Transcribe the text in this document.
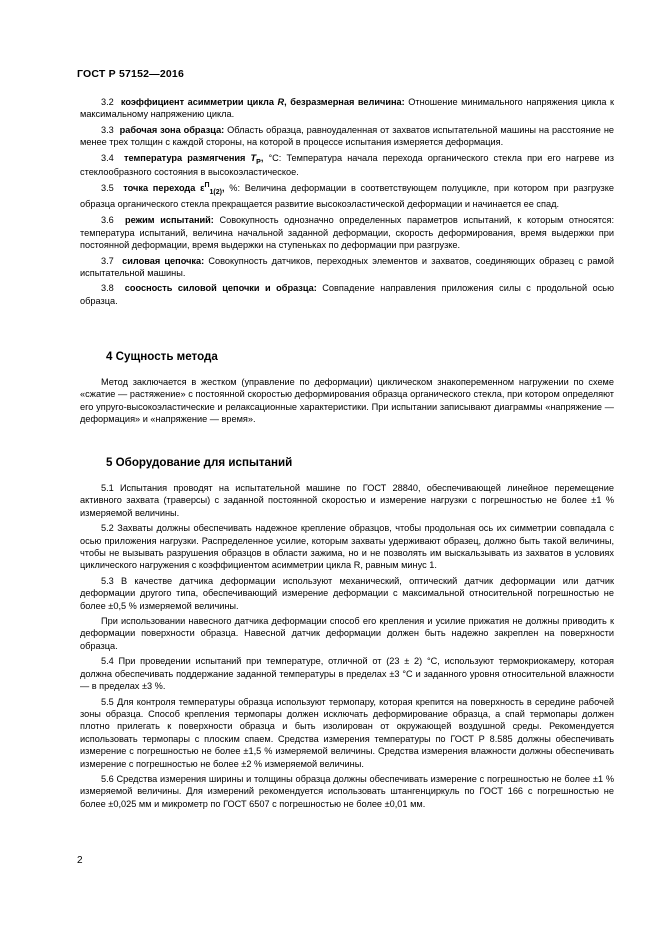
ГОСТ Р 57152—2016

3.2 коэффициент асимметрии цикла R, безразмерная величина: Отношение минимального напряжения цикла к максимальному напряжению цикла.

3.3 рабочая зона образца: Область образца, равноудаленная от захватов испытательной машины на расстояние не менее трех толщин с каждой стороны, на которой в процессе испытания измеряется деформация.

3.4 температура размягчения $T_P$, °С: Температура начала перехода органического стекла при его нагреве из стеклообразного состояния в высокоэластическое.

3.5 точка перехода $\varepsilon^П_{1(2)}$, %: Величина деформации в соответствующем полуцикле, при котором при разгрузке образца органического стекла прекращается развитие высокоэластической деформации и начинается ее спад.

3.6 режим испытаний: Совокупность однозначно определенных параметров испытаний, к которым относятся: температура испытаний, величина начальной заданной деформации, скорость деформирования, время выдержки при постоянной деформации, время выдержки на ступеньках по деформации при разгрузке.

3.7 силовая цепочка: Совокупность датчиков, переходных элементов и захватов, соединяющих образец с рамой испытательной машины.

3.8 соосность силовой цепочки и образца: Совпадение направления приложения силы с продольной осью образца.

4 Сущность метода

Метод заключается в жестком (управление по деформации) циклическом знакопеременном нагружении по схеме «сжатие — растяжение» с постоянной скоростью деформирования образца органического стекла, при котором определяют его упруго-высокоэластические и релаксационные характеристики. При испытании записывают диаграммы «напряжение — деформация» и «напряжение — время».

5 Оборудование для испытаний

5.1 Испытания проводят на испытательной машине по ГОСТ 28840, обеспечивающей линейное перемещение активного захвата (траверсы) с заданной постоянной скоростью и измерение нагрузки с погрешностью не более ±1 % измеряемой величины.

5.2 Захваты должны обеспечивать надежное крепление образцов, чтобы продольная ось их симметрии совпадала с осью приложения нагрузки. Распределенное усилие, которым захваты удерживают образец, должно быть такой величины, чтобы не вызывать разрушения образцов в области зажима, но и не позволять им выскальзывать из захватов в условиях циклического нагружения с коэффициентом асимметрии цикла R, равным минус 1.

5.3 В качестве датчика деформации используют механический, оптический датчик деформации или датчик деформации другого типа, обеспечивающий измерение деформации с максимальной относительной погрешностью не более ±0,5 % измеряемой величины.

При использовании навесного датчика деформации способ его крепления и усилие прижатия не должны приводить к деформации поверхности образца. Навесной датчик деформации должен быть надежно закреплен на поверхности образца.

5.4 При проведении испытаний при температуре, отличной от (23 ± 2) °С, используют термокриокамеру, которая должна обеспечивать поддержание заданной температуры в пределах ±3 °С и заданного уровня относительной влажности — в пределах ±3 %.

5.5 Для контроля температуры образца используют термопару, которая крепится на поверхность в середине рабочей зоны образца. Способ крепления термопары должен исключать деформирование образца, а спай термопары должен плотно прилегать к поверхности образца и быть изолирован от окружающей воздушной среды. Рекомендуется использовать термопары с плоским спаем. Средства измерения температуры по ГОСТ Р 8.585 должны обеспечивать измерение с погрешностью не более ±1,5 % измеряемой величины. Средства измерения влажности должны обеспечивать измерение с погрешностью не более ±2 % измеряемой величины.

5.6 Средства измерения ширины и толщины образца должны обеспечивать измерение с погрешностью не более ±1 % измеряемой величины. Для измерений рекомендуется использовать штангенциркуль по ГОСТ 166 с погрешностью не более ±0,025 мм и микрометр по ГОСТ 6507 с погрешностью не более ±0,01 мм.

2
